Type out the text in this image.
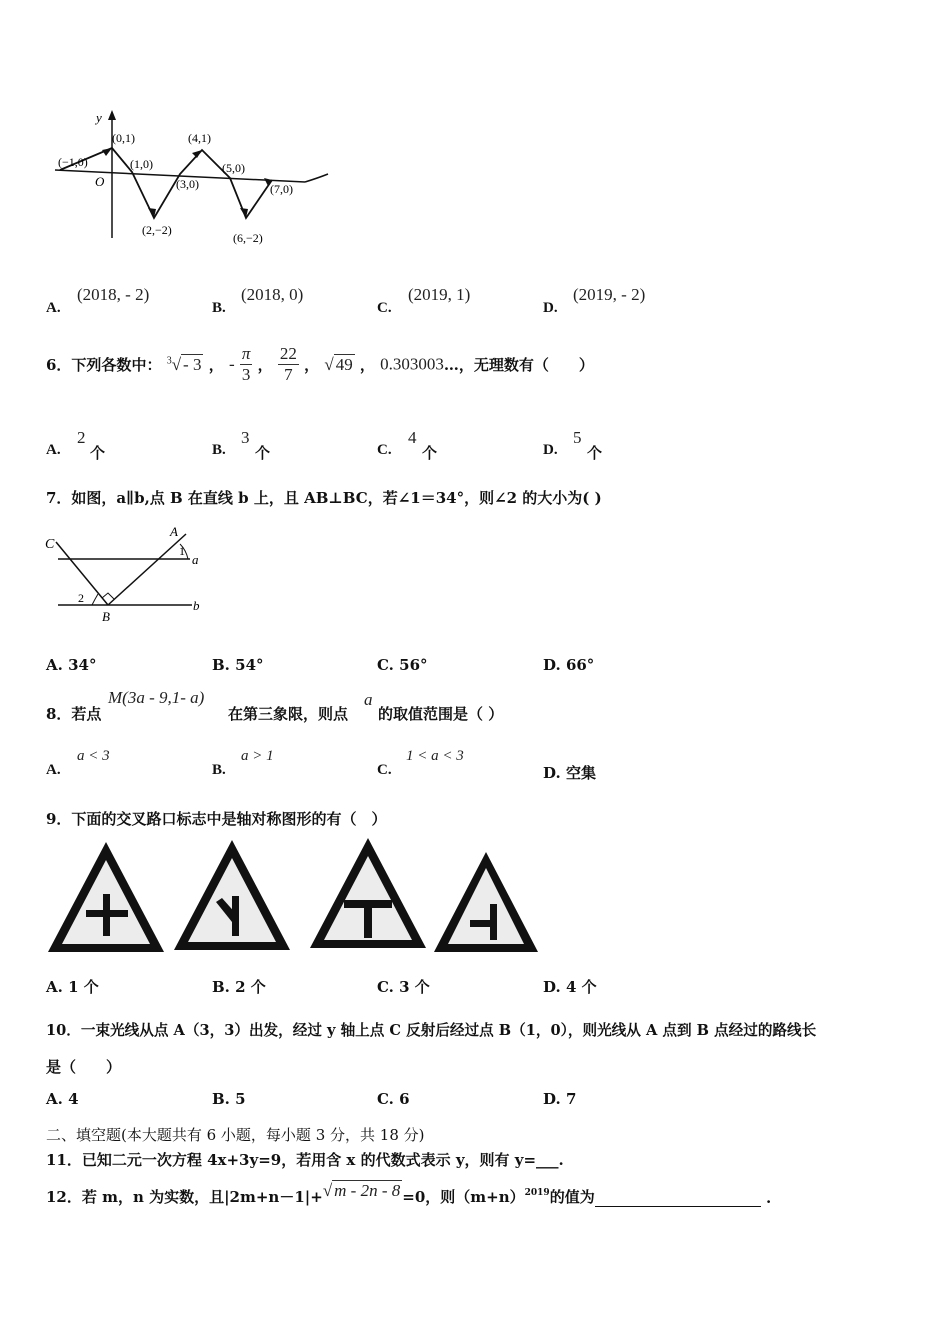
y
O
(0,1)
(−1,0)	(1,0)
(2,−2)
(3,0)
(4,1)
(5,0)
(6,−2)
(7,0)
A.
(2018, - 2)
B.
(2018, 0)
C.
(2019, 1)
D.
(2019, - 2)
6．下列各数中： $^3$√ - 3 ， - $\frac{\pi}{3}$ ， $\frac{22}{7}$ ， √ 49 ， 0.303003…，无理数有（　　）
A.
2
个	B.
3
个	C.
4
个	D.
5
个
7．如图，a∥b,点 B 在直线 b 上，且 AB⊥BC，若∠1＝34°，则∠2 的大小为( )
C
A
1
a
2
B
b
A. 34°	B. 54°	C. 56°	D. 66°
8．若点
M(3a - 9,1- a)
在第三象限，则点
a
的取值范围是（ ）
A.
a < 3
B.
a > 1
C.
1 < a < 3
D. 空集
9．下面的交叉路口标志中是轴对称图形的有（　）
A. 1 个	B. 2 个	C. 3 个	D. 4 个
10．一束光线从点 A（3，3）出发，经过 y 轴上点 C 反射后经过点 B（1，0），则光线从 A 点到 B 点经过的路线长
是（　　）
A. 4	B. 5	C. 6	D. 7
二、填空题(本大题共有 6 小题，每小题 3 分，共 18 分)
11．已知二元一次方程 4x+3y=9，若用含 x 的代数式表示 y，则有 y=___.
12．若 m，n 为实数，且|2m+n－1|+√ m - 2n - 8 =0，则$(m+n)^{2019}$的值为	.
